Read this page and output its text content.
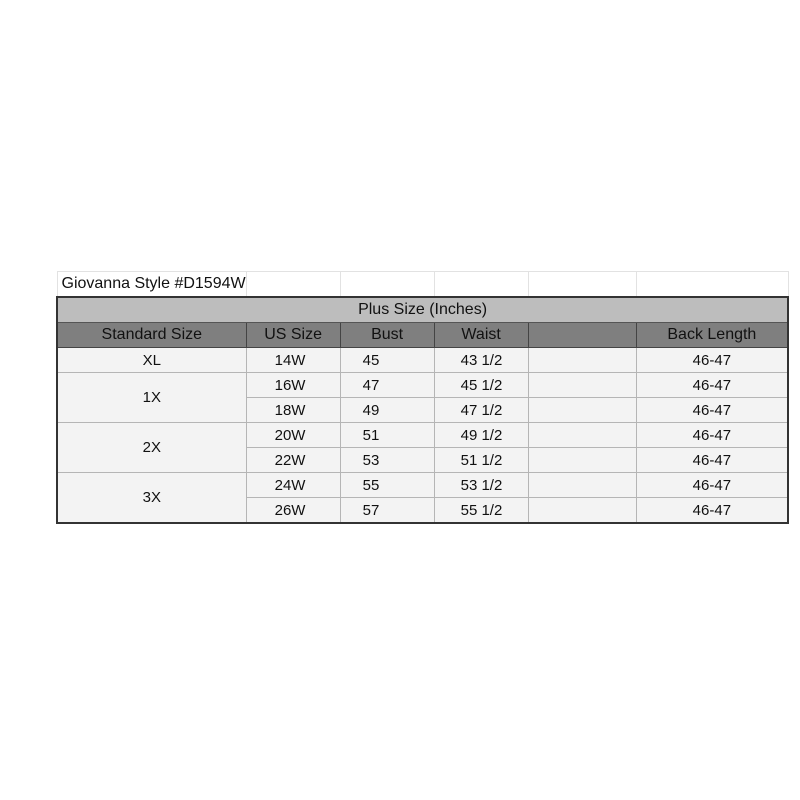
Giovanna Style #D1594W					
Plus Size (Inches)					
Standard Size	US Size	Bust	Waist		Back Length
XL	14W	45	43 1/2		46-47
1X	16W	47	45 1/2		46-47
	18W	49	47 1/2		46-47
2X	20W	51	49 1/2		46-47
	22W	53	51 1/2		46-47
3X	24W	55	53 1/2		46-47
	26W	57	55 1/2		46-47
